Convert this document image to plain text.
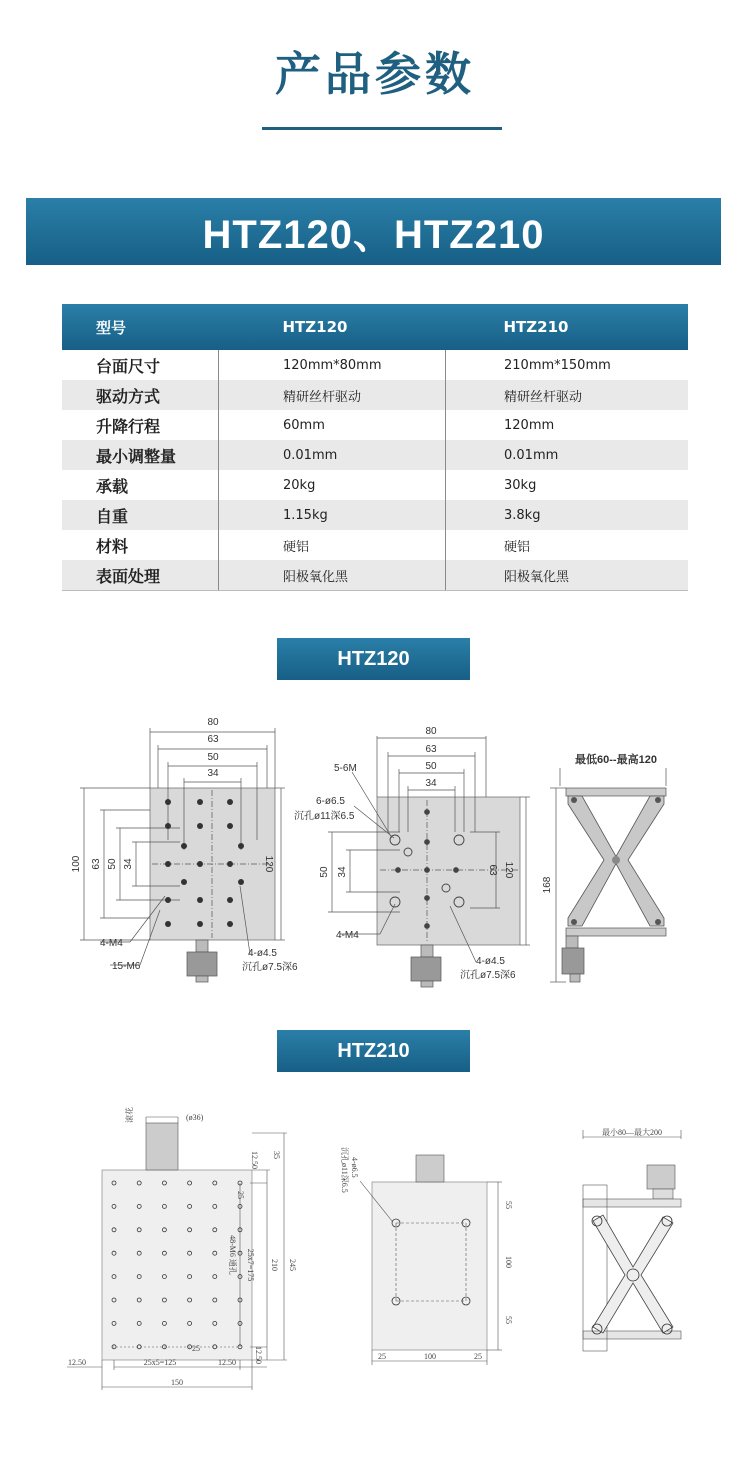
产品参数
HTZ120、HTZ210
型号	HTZ120	HTZ210
台面尺寸	120mm*80mm	210mm*150mm
驱动方式	精研丝杆驱动	精研丝杆驱动
升降行程	60mm	120mm
最小调整量	0.01mm	0.01mm
承载	20kg	30kg
自重	1.15kg	3.8kg
材料	硬铝	硬铝
表面处理	阳极氧化黑	阳极氧化黑
HTZ120
80
63
50
34
100 63 50 34	120
4-M4
15-M6
4-ø4.5
沉孔ø7.5深6
80
63
50
34
5-6M
6-ø6.5
沉孔ø11深6.5
50 34	63 120
4-M4
4-ø4.5
沉孔ø7.5深6
最低60--最高120
168
HTZ210
滚花	(ø36)
35
12.50
25
245
210
25x7=175
48-M6 通孔
25	12.50
12.50	25x5=125	12.50
150
4-ø6.5
沉孔ø11深6.5
55
100
55
25	100	25
最小80—最大200
